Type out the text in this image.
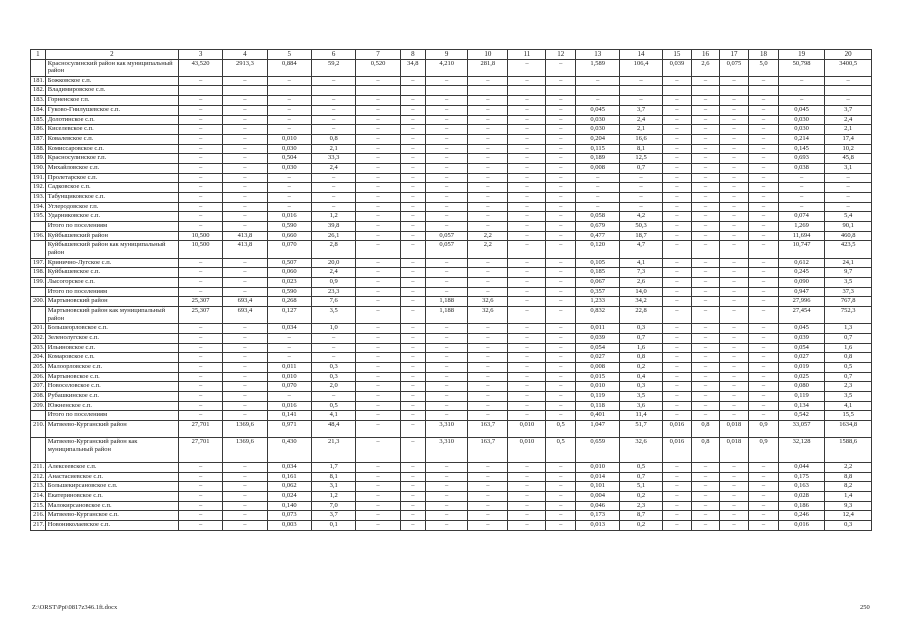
1	2	3	4	5	6	7	8	9	10	11	12	13	14	15	16	17	18	19	20
	Красносулинский район как муниципальный район	43,520	2913,3	0,884	59,2	0,520	34,8	4,210	281,8	–	–	1,589	106,4	0,039	2,6	0,075	5,0	50,798	3400,5
181.	Божковское с.п.	–	–	–	–	–	–	–	–	–	–	–	–	–	–	–	–	–	–
182.	Владимировское с.п.																		
183.	Горненское г.п.	–	–	–	–	–	–	–	–	–	–	–	–	–	–	–	–	–	–
184.	Гуково-Гнилушевское с.п.	–	–	–	–	–	–	–	–	–	–	0,045	3,7	–	–	–	–	0,045	3,7
185.	Долотинское с.п.	–	–	–	–	–	–	–	–	–	–	0,030	2,4	–	–	–	–	0,030	2,4
186.	Киселевское с.п.	–	–	–	–	–	–	–	–	–	–	0,030	2,1	–	–	–	–	0,030	2,1
187.	Ковалевское с.п.	–	–	0,010	0,8	–	–	–	–	–	–	0,204	16,6	–	–	–	–	0,214	17,4
188.	Комиссаровское с.п.	–	–	0,030	2,1	–	–	–	–	–	–	0,115	8,1	–	–	–	–	0,145	10,2
189.	Красносулинское г.п.	–	–	0,504	33,3	–	–	–	–	–	–	0,189	12,5	–	–	–	–	0,693	45,8
190.	Михайловское с.п.	–	–	0,030	2,4	–	–	–	–	–	–	0,008	0,7	–	–	–	–	0,038	3,1
191.	Пролетарское с.п.	–	–	–	–	–	–	–	–	–	–	–	–	–	–	–	–	–	–
192.	Садковское с.п.	–	–	–	–	–	–	–	–	–	–	–	–	–	–	–	–	–	–
193.	Табунщиковское с.п.	–	–	–	–	–	–	–	–	–	–	–	–	–	–	–	–	–	–
194.	Углеродовское г.п.	–	–	–	–	–	–	–	–	–	–	–	–	–	–	–	–	–	–
195.	Ударниковское с.п.	–	–	0,016	1,2	–	–	–	–	–	–	0,058	4,2	–	–	–	–	0,074	5,4
	Итого по поселениям	–	–	0,590	39,8	–	–	–	–	–	–	0,679	50,3	–	–	–	–	1,269	90,1
196.	Куйбышевский район	10,500	413,8	0,660	26,1	–	–	0,057	2,2	–	–	0,477	18,7	–	–	–	–	11,694	460,8
	Куйбышевский район как муниципальный район	10,500	413,8	0,070	2,8	–	–	0,057	2,2	–	–	0,120	4,7	–	–	–	–	10,747	423,5
197.	Кринично-Лугское с.п.	–	–	0,507	20,0	–	–	–	–	–	–	0,105	4,1	–	–	–	–	0,612	24,1
198.	Куйбышевское с.п.	–	–	0,060	2,4	–	–	–	–	–	–	0,185	7,3	–	–	–	–	0,245	9,7
199.	Лысогорское с.п.	–	–	0,023	0,9	–	–	–	–	–	–	0,067	2,6	–	–	–	–	0,090	3,5
	Итого по поселениям	–	–	0,590	23,3	–	–	–	–	–	–	0,357	14,0	–	–	–	–	0,947	37,3
200.	Мартыновский район	25,307	693,4	0,268	7,6	–	–	1,188	32,6	–	–	1,233	34,2	–	–	–	–	27,996	767,8
	Мартыновский район как муниципальный район	25,307	693,4	0,127	3,5	–	–	1,188	32,6	–	–	0,832	22,8	–	–	–	–	27,454	752,3
201.	Большеорловское с.п.	–	–	0,034	1,0	–	–	–	–	–	–	0,011	0,3	–	–	–	–	0,045	1,3
202.	Зеленолугское с.п.	–	–	–	–	–	–	–	–	–	–	0,039	0,7	–	–	–	–	0,039	0,7
203.	Ильиновское с.п.	–	–	–	–	–	–	–	–	–	–	0,054	1,6	–	–	–	–	0,054	1,6
204.	Комаровское с.п.	–	–	–	–	–	–	–	–	–	–	0,027	0,8	–	–	–	–	0,027	0,8
205.	Малоорловское с.п.	–	–	0,011	0,3	–	–	–	–	–	–	0,008	0,2	–	–	–	–	0,019	0,5
206.	Мартыновское с.п.	–	–	0,010	0,3	–	–	–	–	–	–	0,015	0,4	–	–	–	–	0,025	0,7
207.	Новоселовское с.п.	–	–	0,070	2,0	–	–	–	–	–	–	0,010	0,3	–	–	–	–	0,080	2,3
208.	Рубашкинское с.п.	–	–	–	–	–	–	–	–	–	–	0,119	3,5	–	–	–	–	0,119	3,5
209.	Южненское с.п.	–	–	0,016	0,5	–	–	–	–	–	–	0,118	3,6	–	–	–	–	0,134	4,1
	Итого по поселениям	–	–	0,141	4,1	–	–	–	–	–	–	0,401	11,4	–	–	–	–	0,542	15,5
210.	Матвеево-Курганский район	27,701	1369,6	0,971	48,4	–	–	3,310	163,7	0,010	0,5	1,047	51,7	0,016	0,8	0,018	0,9	33,057	1634,8
	Матвеево-Курганский район как муниципальный район	27,701	1369,6	0,430	21,3	–	–	3,310	163,7	0,010	0,5	0,659	32,6	0,016	0,8	0,018	0,9	32,128	1588,6
211.	Алексеевское с.п.	–	–	0,034	1,7	–	–	–	–	–	–	0,010	0,5	–	–	–	–	0,044	2,2
212.	Анастасиевское с.п.	–	–	0,161	8,1	–	–	–	–	–	–	0,014	0,7	–	–	–	–	0,175	8,8
213.	Большекирсановское с.п.	–	–	0,062	3,1	–	–	–	–	–	–	0,101	5,1	–	–	–	–	0,163	8,2
214.	Екатериновское с.п.	–	–	0,024	1,2	–	–	–	–	–	–	0,004	0,2	–	–	–	–	0,028	1,4
215.	Малокирсановское с.п.	–	–	0,140	7,0	–	–	–	–	–	–	0,046	2,3	–	–	–	–	0,186	9,3
216.	Матвеево-Курганское с.п.	–	–	0,073	3,7	–	–	–	–	–	–	0,173	8,7	–	–	–	–	0,246	12,4
217.	Новониколаевское с.п.	–	–	0,003	0,1	–	–	–	–	–	–	0,013	0,2	–	–	–	–	0,016	0,3
Z:\ORST\Ppi\0817z346.1ft.docx	250
